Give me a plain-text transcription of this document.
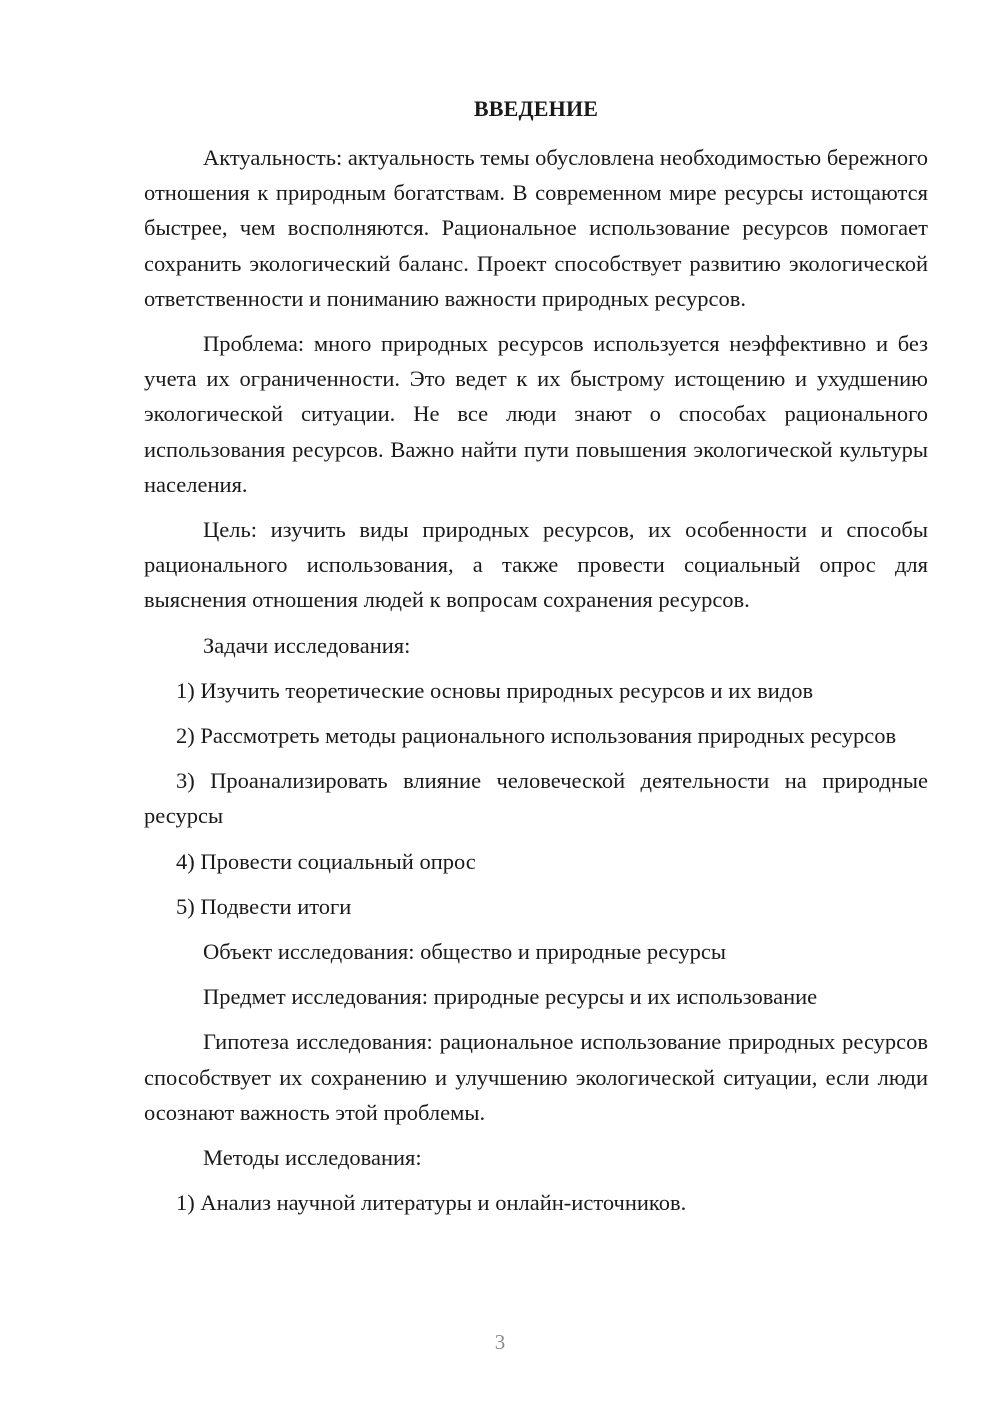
ВВЕДЕНИЕ

Актуальность: актуальность темы обусловлена необходимостью бережного отношения к природным богатствам. В современном мире ресурсы истощаются быстрее, чем восполняются. Рациональное использование ресурсов помогает сохранить экологический баланс. Проект способствует развитию экологической ответственности и пониманию важности природных ресурсов.

Проблема: много природных ресурсов используется неэффективно и без учета их ограниченности. Это ведет к их быстрому истощению и ухудшению экологической ситуации. Не все люди знают о способах рационального использования ресурсов. Важно найти пути повышения экологической культуры населения.

Цель: изучить виды природных ресурсов, их особенности и способы рационального использования, а также провести социальный опрос для выяснения отношения людей к вопросам сохранения ресурсов.

Задачи исследования:

1) Изучить теоретические основы природных ресурсов и их видов

2) Рассмотреть методы рационального использования природных ресурсов

3) Проанализировать влияние человеческой деятельности на природные ресурсы

4) Провести социальный опрос

5) Подвести итоги

Объект исследования: общество и природные ресурсы

Предмет исследования: природные ресурсы и их использование

Гипотеза исследования: рациональное использование природных ресурсов способствует их сохранению и улучшению экологической ситуации, если люди осознают важность этой проблемы.

Методы исследования:

1) Анализ научной литературы и онлайн-источников.

3
